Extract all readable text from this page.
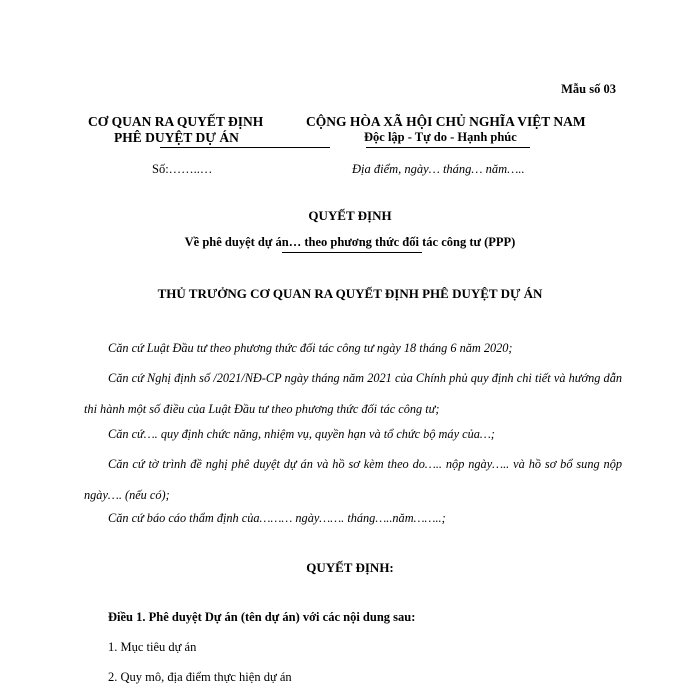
Mẫu số 03
CƠ QUAN RA QUYẾT ĐỊNH
PHÊ DUYỆT DỰ ÁN
CỘNG HÒA XÃ HỘI CHỦ NGHĨA VIỆT NAM
Độc lập - Tự do - Hạnh phúc
Số:……..…	Địa điểm, ngày… tháng… năm…..
QUYẾT ĐỊNH
Về phê duyệt dự án… theo phương thức đối tác công tư (PPP)
THỦ TRƯỞNG CƠ QUAN RA QUYẾT ĐỊNH PHÊ DUYỆT DỰ ÁN
Căn cứ Luật Đầu tư theo phương thức đối tác công tư ngày 18 tháng 6 năm 2020;
Căn cứ Nghị định số /2021/NĐ-CP ngày tháng năm 2021 của Chính phủ quy định chi tiết và hướng dẫn thi hành một số điều của Luật Đầu tư theo phương thức đối tác công tư;
Căn cứ…. quy định chức năng, nhiệm vụ, quyền hạn và tổ chức bộ máy của…;
Căn cứ tờ trình đề nghị phê duyệt dự án và hồ sơ kèm theo do….. nộp ngày….. và hồ sơ bổ sung nộp ngày…. (nếu có);
Căn cứ báo cáo thẩm định của……… ngày……. tháng…..năm……..;
QUYẾT ĐỊNH:
Điều 1. Phê duyệt Dự án (tên dự án) với các nội dung sau:
1. Mục tiêu dự án
2. Quy mô, địa điểm thực hiện dự án
